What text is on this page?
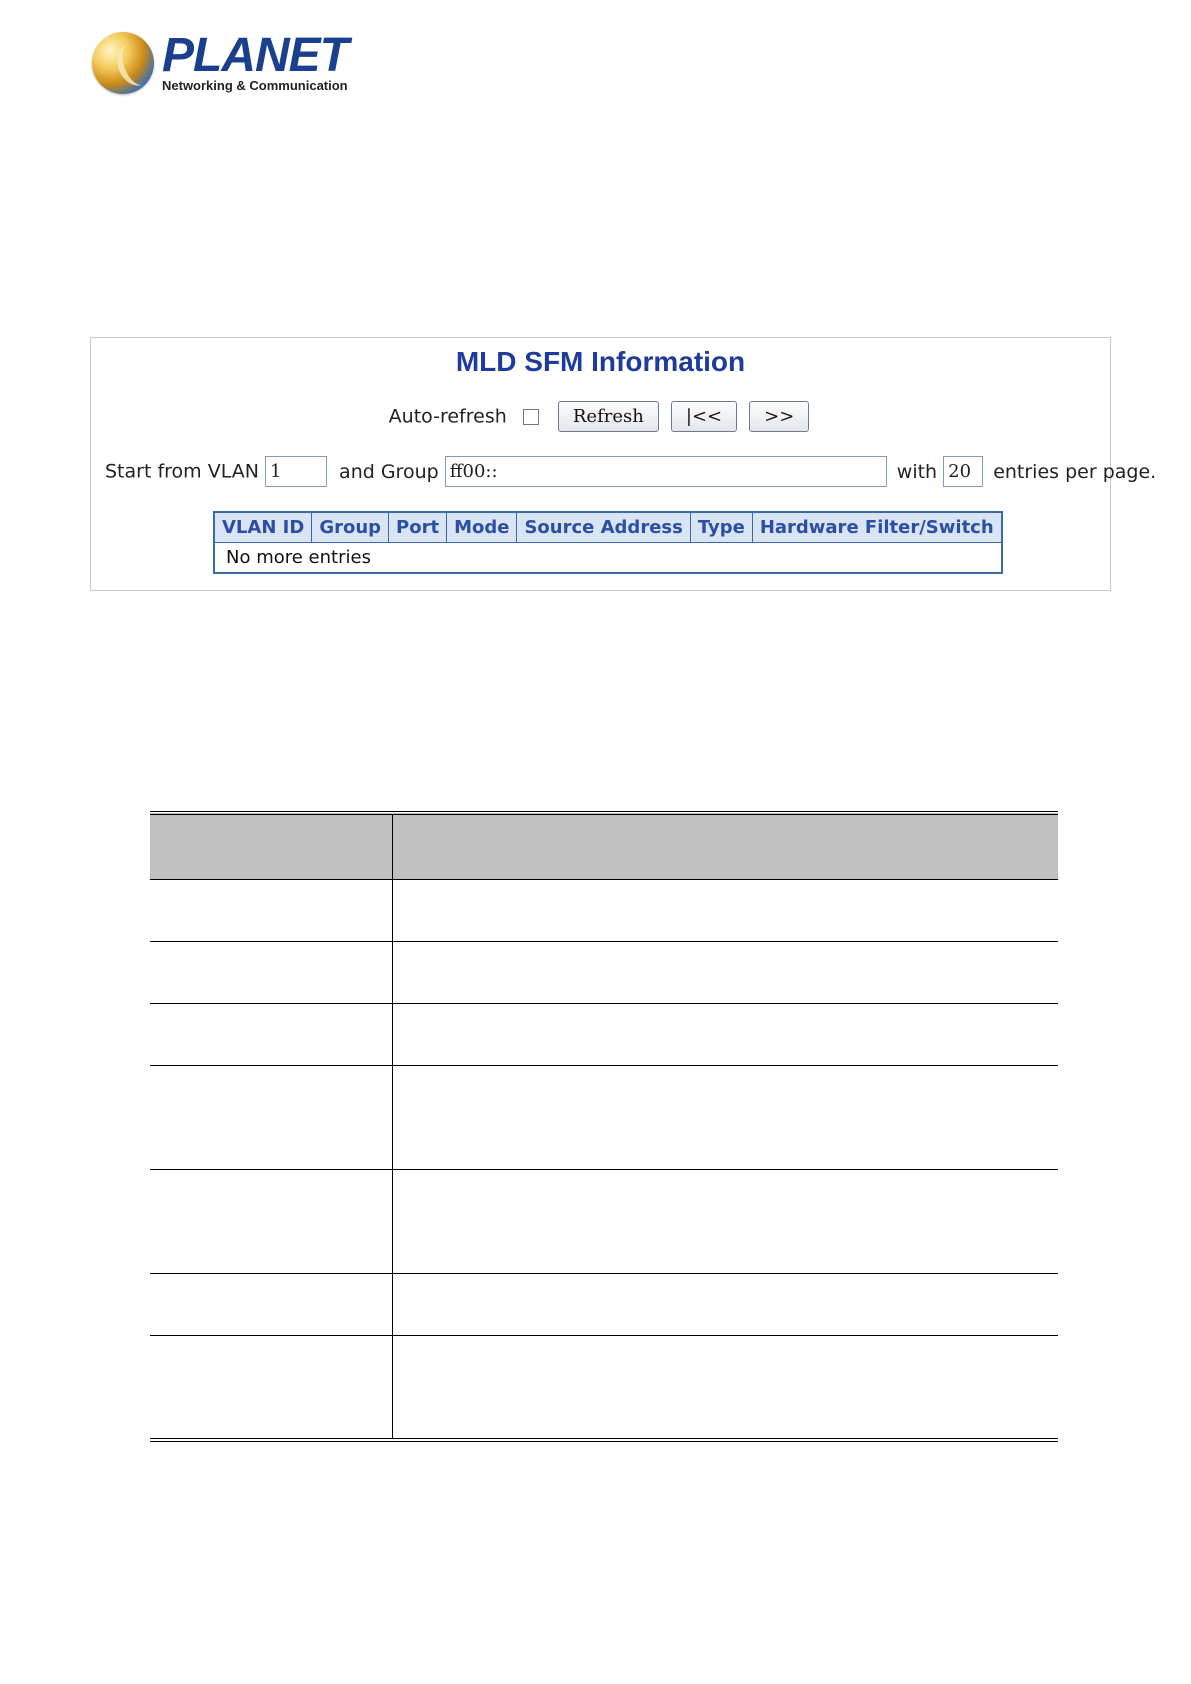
PLANET
Networking & Communication
MLD SFM Information
Auto-refresh	Refresh |<< >>
Start from VLAN 1	and Group ff00::	with 20 entries per page.
VLAN ID	Group	Port	Mode	Source Address	Type	Hardware Filter/Switch
No more entries
